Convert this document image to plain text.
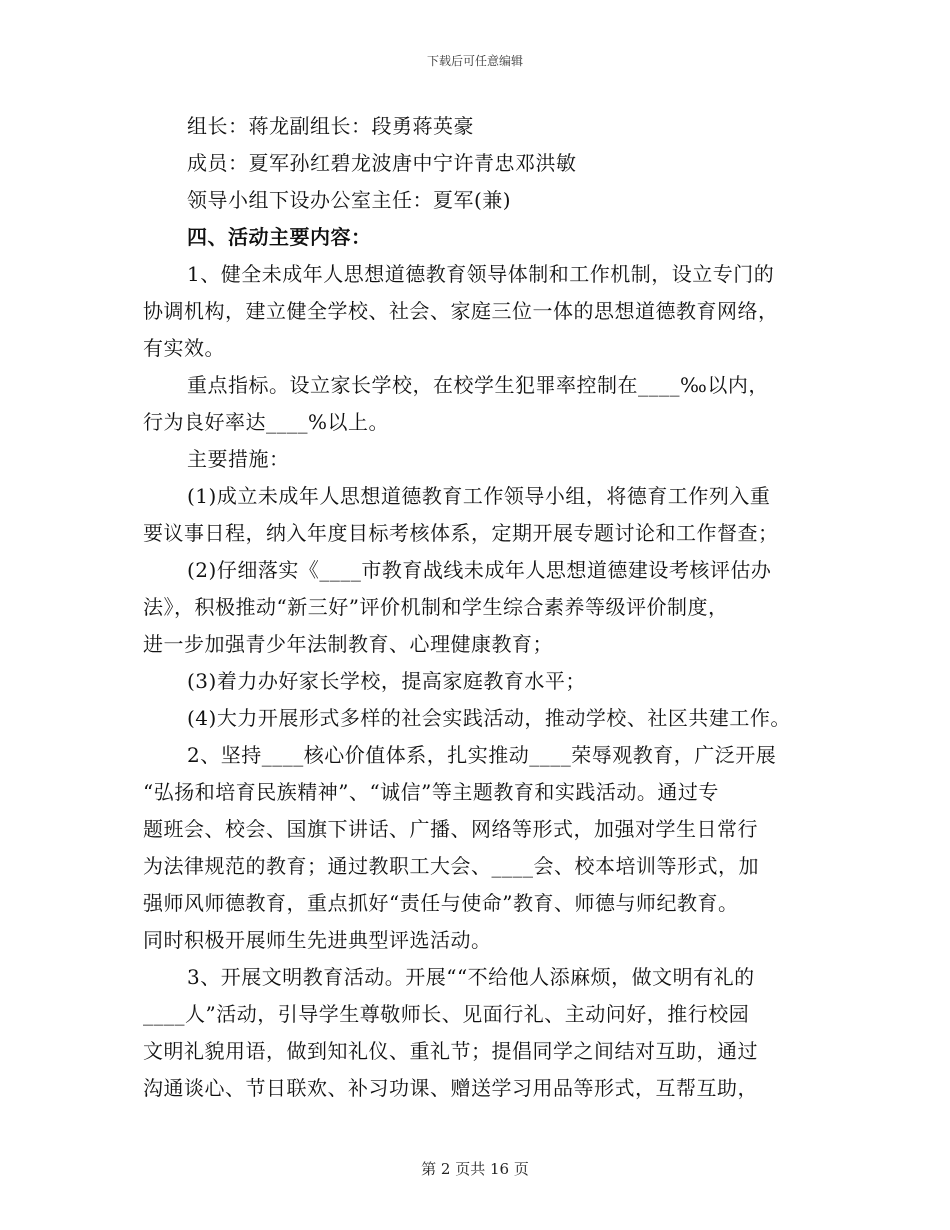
下载后可任意编辑

组长：蒋龙副组长：段勇蒋英豪

成员：夏军孙红碧龙波唐中宁许青忠邓洪敏

领导小组下设办公室主任：夏军(兼)

四、活动主要内容：

1、健全未成年人思想道德教育领导体制和工作机制，设立专门的

协调机构，建立健全学校、社会、家庭三位一体的思想道德教育网络，

有实效。

重点指标。设立家长学校，在校学生犯罪率控制在____‰以内，

行为良好率达____%以上。

主要措施：

(1)成立未成年人思想道德教育工作领导小组，将德育工作列入重

要议事日程，纳入年度目标考核体系，定期开展专题讨论和工作督查；

(2)仔细落实《____市教育战线未成年人思想道德建设考核评估办

法》，积极推动“新三好”评价机制和学生综合素养等级评价制度，

进一步加强青少年法制教育、心理健康教育；

(3)着力办好家长学校，提高家庭教育水平；

(4)大力开展形式多样的社会实践活动，推动学校、社区共建工作。

2、坚持____核心价值体系，扎实推动____荣辱观教育，广泛开展

“弘扬和培育民族精神”、“诚信”等主题教育和实践活动。通过专

题班会、校会、国旗下讲话、广播、网络等形式，加强对学生日常行

为法律规范的教育；通过教职工大会、____会、校本培训等形式，加

强师风师德教育，重点抓好“责任与使命”教育、师德与师纪教育。

同时积极开展师生先进典型评选活动。

3、开展文明教育活动。开展““不给他人添麻烦，做文明有礼的

____人”活动，引导学生尊敬师长、见面行礼、主动问好，推行校园

文明礼貌用语，做到知礼仪、重礼节；提倡同学之间结对互助，通过

沟通谈心、节日联欢、补习功课、赠送学习用品等形式，互帮互助，

第 2 页共 16 页
